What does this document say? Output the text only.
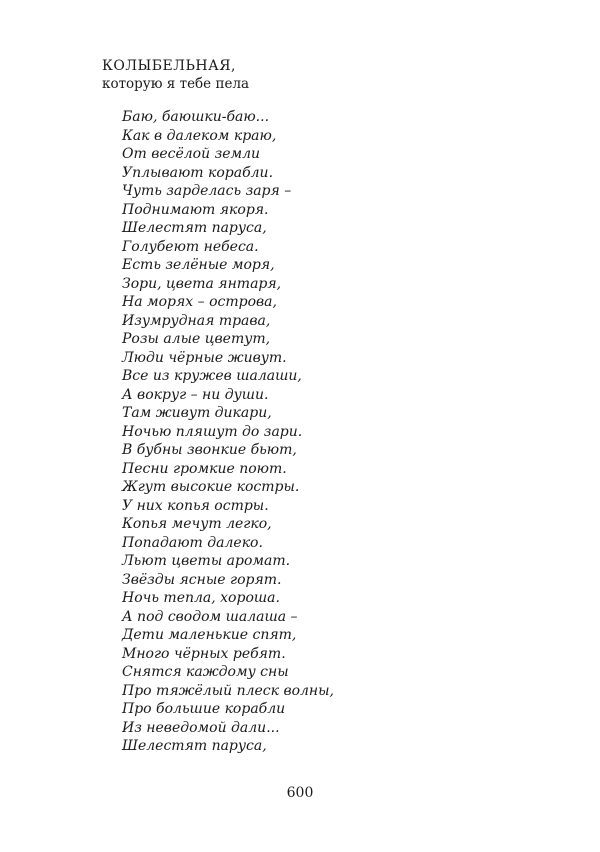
КОЛЫБЕЛЬНАЯ,
которую я тебе пела
Баю, баюшки-баю...
Как в далеком краю,
От весёлой земли
Уплывают корабли.
Чуть зарделась заря –
Поднимают якоря.
Шелестят паруса,
Голубеют небеса.
Есть зелёные моря,
Зори, цвета янтаря,
На морях – острова,
Изумрудная трава,
Розы алые цветут,
Люди чёрные живут.
Все из кружев шалаши,
А вокруг – ни души.
Там живут дикари,
Ночью пляшут до зари.
В бубны звонкие бьют,
Песни громкие поют.
Жгут высокие костры.
У них копья остры.
Копья мечут легко,
Попадают далеко.
Льют цветы аромат.
Звёзды ясные горят.
Ночь тепла, хороша.
А под сводом шалаша –
Дети маленькие спят,
Много чёрных ребят.
Снятся каждому сны
Про тяжёлый плеск волны,
Про большие корабли
Из неведомой дали...
Шелестят паруса,
600
